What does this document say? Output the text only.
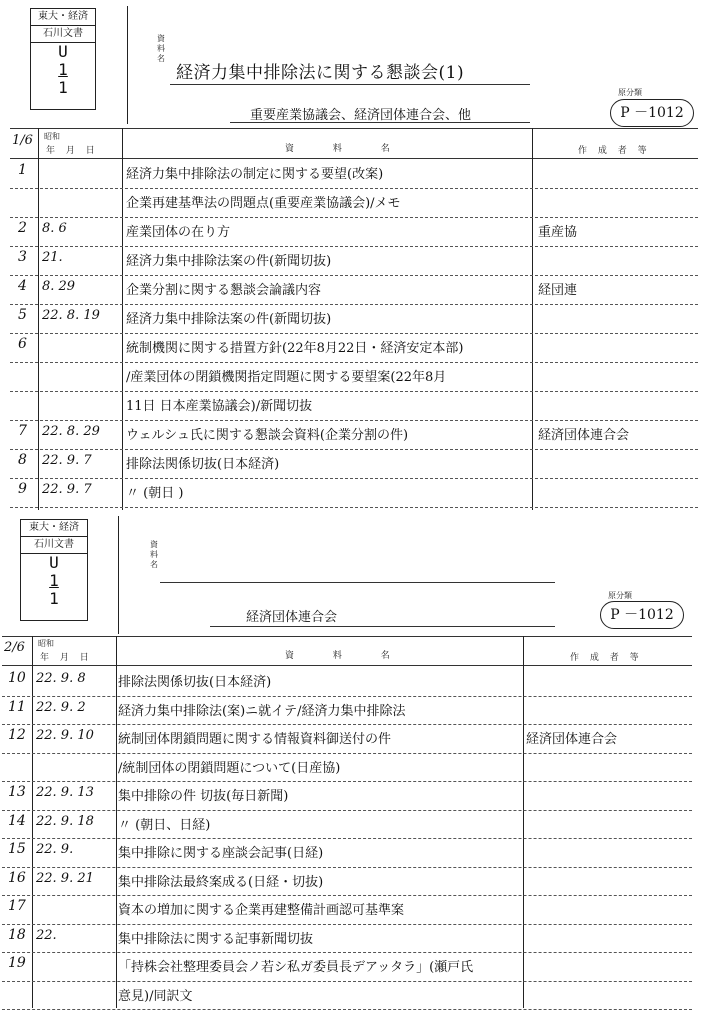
東大・経済
石川文書
U
1
1
資料名
経済力集中排除法に関する懇談会(1)
原分類
P －1012
重要産業協議会、経済団体連合会、他
1/6 昭和
年 月 日	資 料 名	作 成 者 等
1	経済力集中排除法の制定に関する要望(改案)
企業再建基準法の問題点(重要産業協議会)/メモ
2 8. 6	産業団体の在り方	重産協
3 21.	経済力集中排除法案の件(新聞切抜)
4 8. 29	企業分割に関する懇談会論議内容	経団連
5 22. 8. 19 経済力集中排除法案の件(新聞切抜)
6	統制機関に関する措置方針(22年8月22日・経済安定本部)
/産業団体の閉鎖機関指定問題に関する要望案(22年8月
11日 日本産業協議会)/新聞切抜
7 22. 8. 29 ウェルシュ氏に関する懇談会資料(企業分割の件)	経済団体連合会
8 22. 9. 7	排除法関係切抜(日本経済)
9 22. 9. 7	〃 (朝日 )
東大・経済
石川文書
U
1
1
資料名
原分類
P －1012
経済団体連合会
2/6 昭和
年 月 日	資 料 名	作 成 者 等
10 22. 9. 8 排除法関係切抜(日本経済)
11 22. 9. 2 経済力集中排除法(案)ニ就イテ/経済力集中排除法
12 22. 9. 10 統制団体閉鎖問題に関する情報資料御送付の件	経済団体連合会
/統制団体の閉鎖問題について(日産協)
13 22. 9. 13 集中排除の件 切抜(毎日新聞)
14 22. 9. 18 〃 (朝日、日経)
15 22. 9.	集中排除に関する座談会記事(日経)
16 22. 9. 21 集中排除法最終案成る(日経・切抜)
17	資本の増加に関する企業再建整備計画認可基準案
18 22.	集中排除法に関する記事新聞切抜
19	「持株会社整理委員会ノ若シ私ガ委員長デアッタラ」(瀬戸氏
意見)/同訳文
